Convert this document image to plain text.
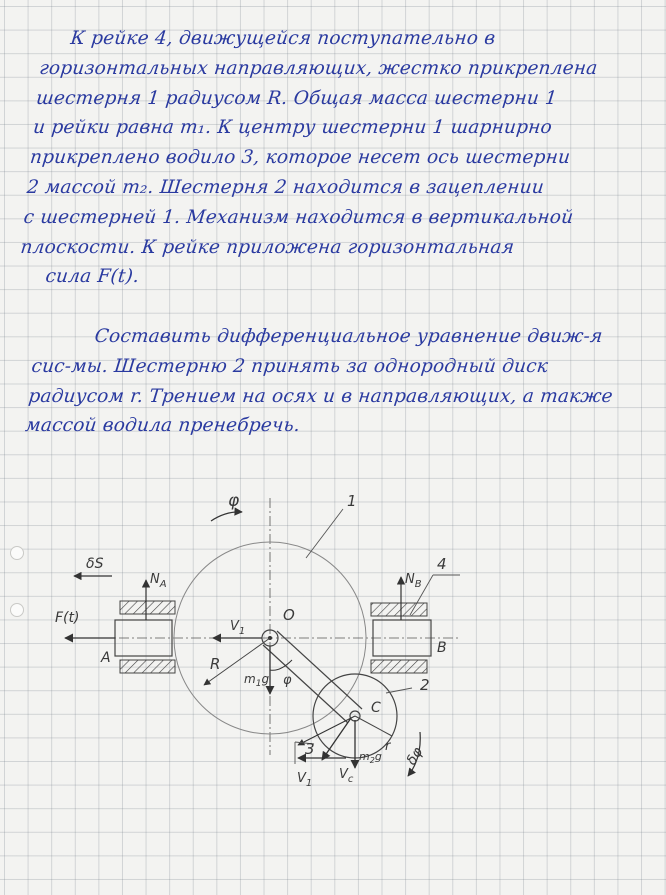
К рейке 4, движущейся поступательно в
горизонтальных направляющих, жестко прикреплена
шестерня 1 радиусом R. Общая масса шестерни 1
и рейки равна m₁. К центру шестерни 1 шарнирно
прикреплено водило 3, которое несет ось шестерни
2 массой m₂. Шестерня 2 находится в зацеплении
с шестерней 1. Механизм находится в вертикальной
плоскости. К рейке приложена горизонтальная
сила F(t).
Составить дифференциальное уравнение движ-я
сис-мы. Шестерню 2 принять за однородный диск
радиусом r. Трением на осях и в направляющих, а также
массой водила пренебречь.
φ	1
4
2
3
δS
$N_A$	$N_B$
F(t)
A
B
$V_1$
O
R
$m_1g$ φ
C
r
$m_2g$
$V_1$
$V_c$
δφ
